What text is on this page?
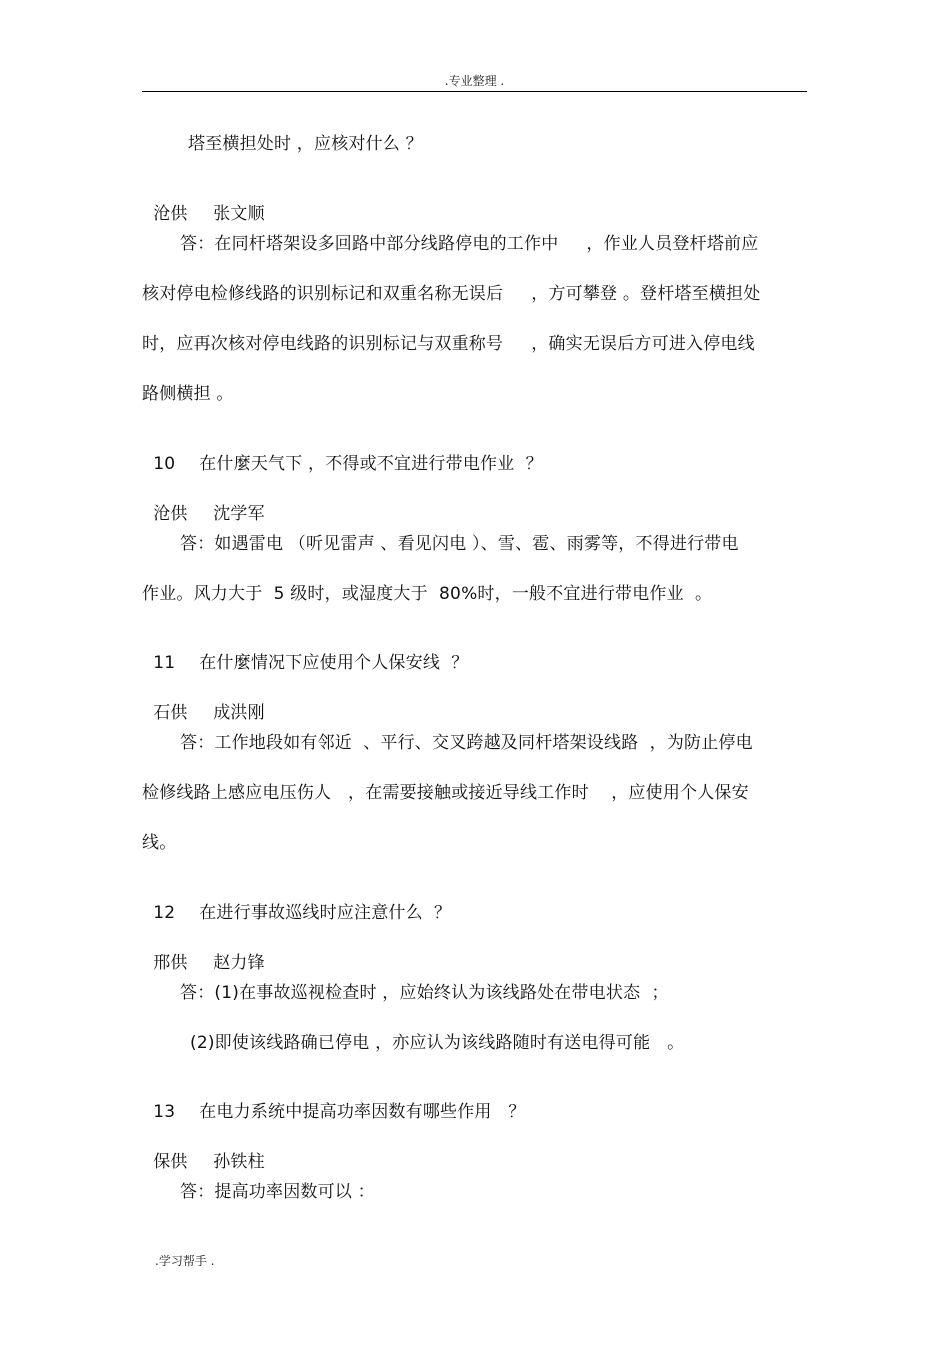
.专业整理 .
塔至横担处时 ，应核对什么 ？

沧供 张文顺

答：在同杆塔架设多回路中部分线路停电的工作中     ，作业人员登杆塔前应
核对停电检修线路的识别标记和双重名称无误后     ，方可攀登 。登杆塔至横担处
时，应再次核对停电线路的识别标记与双重称号     ，确实无误后方可进入停电线
路侧横担 。

10 在什麼天气下 ，不得或不宜进行带电作业  ？

沧供 沈学军

答：如遇雷电 （听见雷声 、看见闪电 ）、雪、雹、雨雾等，不得进行带电
作业。风力大于  5 级时，或湿度大于  80%时，一般不宜进行带电作业  。

11 在什麼情况下应使用个人保安线  ？

石供 成洪刚

答：工作地段如有邻近  、平行、交叉跨越及同杆塔架设线路  ，为防止停电
检修线路上感应电压伤人   ，在需要接触或接近导线工作时    ，应使用个人保安
线。

12 在进行事故巡线时应注意什么  ？

邢供 赵力锋

答：(1)在事故巡视检查时 ，应始终认为该线路处在带电状态  ；
(2)即使该线路确已停电 ，亦应认为该线路随时有送电得可能   。

13 在电力系统中提高功率因数有哪些作用   ？

保供 孙铁柱

答：提高功率因数可以 ：
.学习帮手 .
